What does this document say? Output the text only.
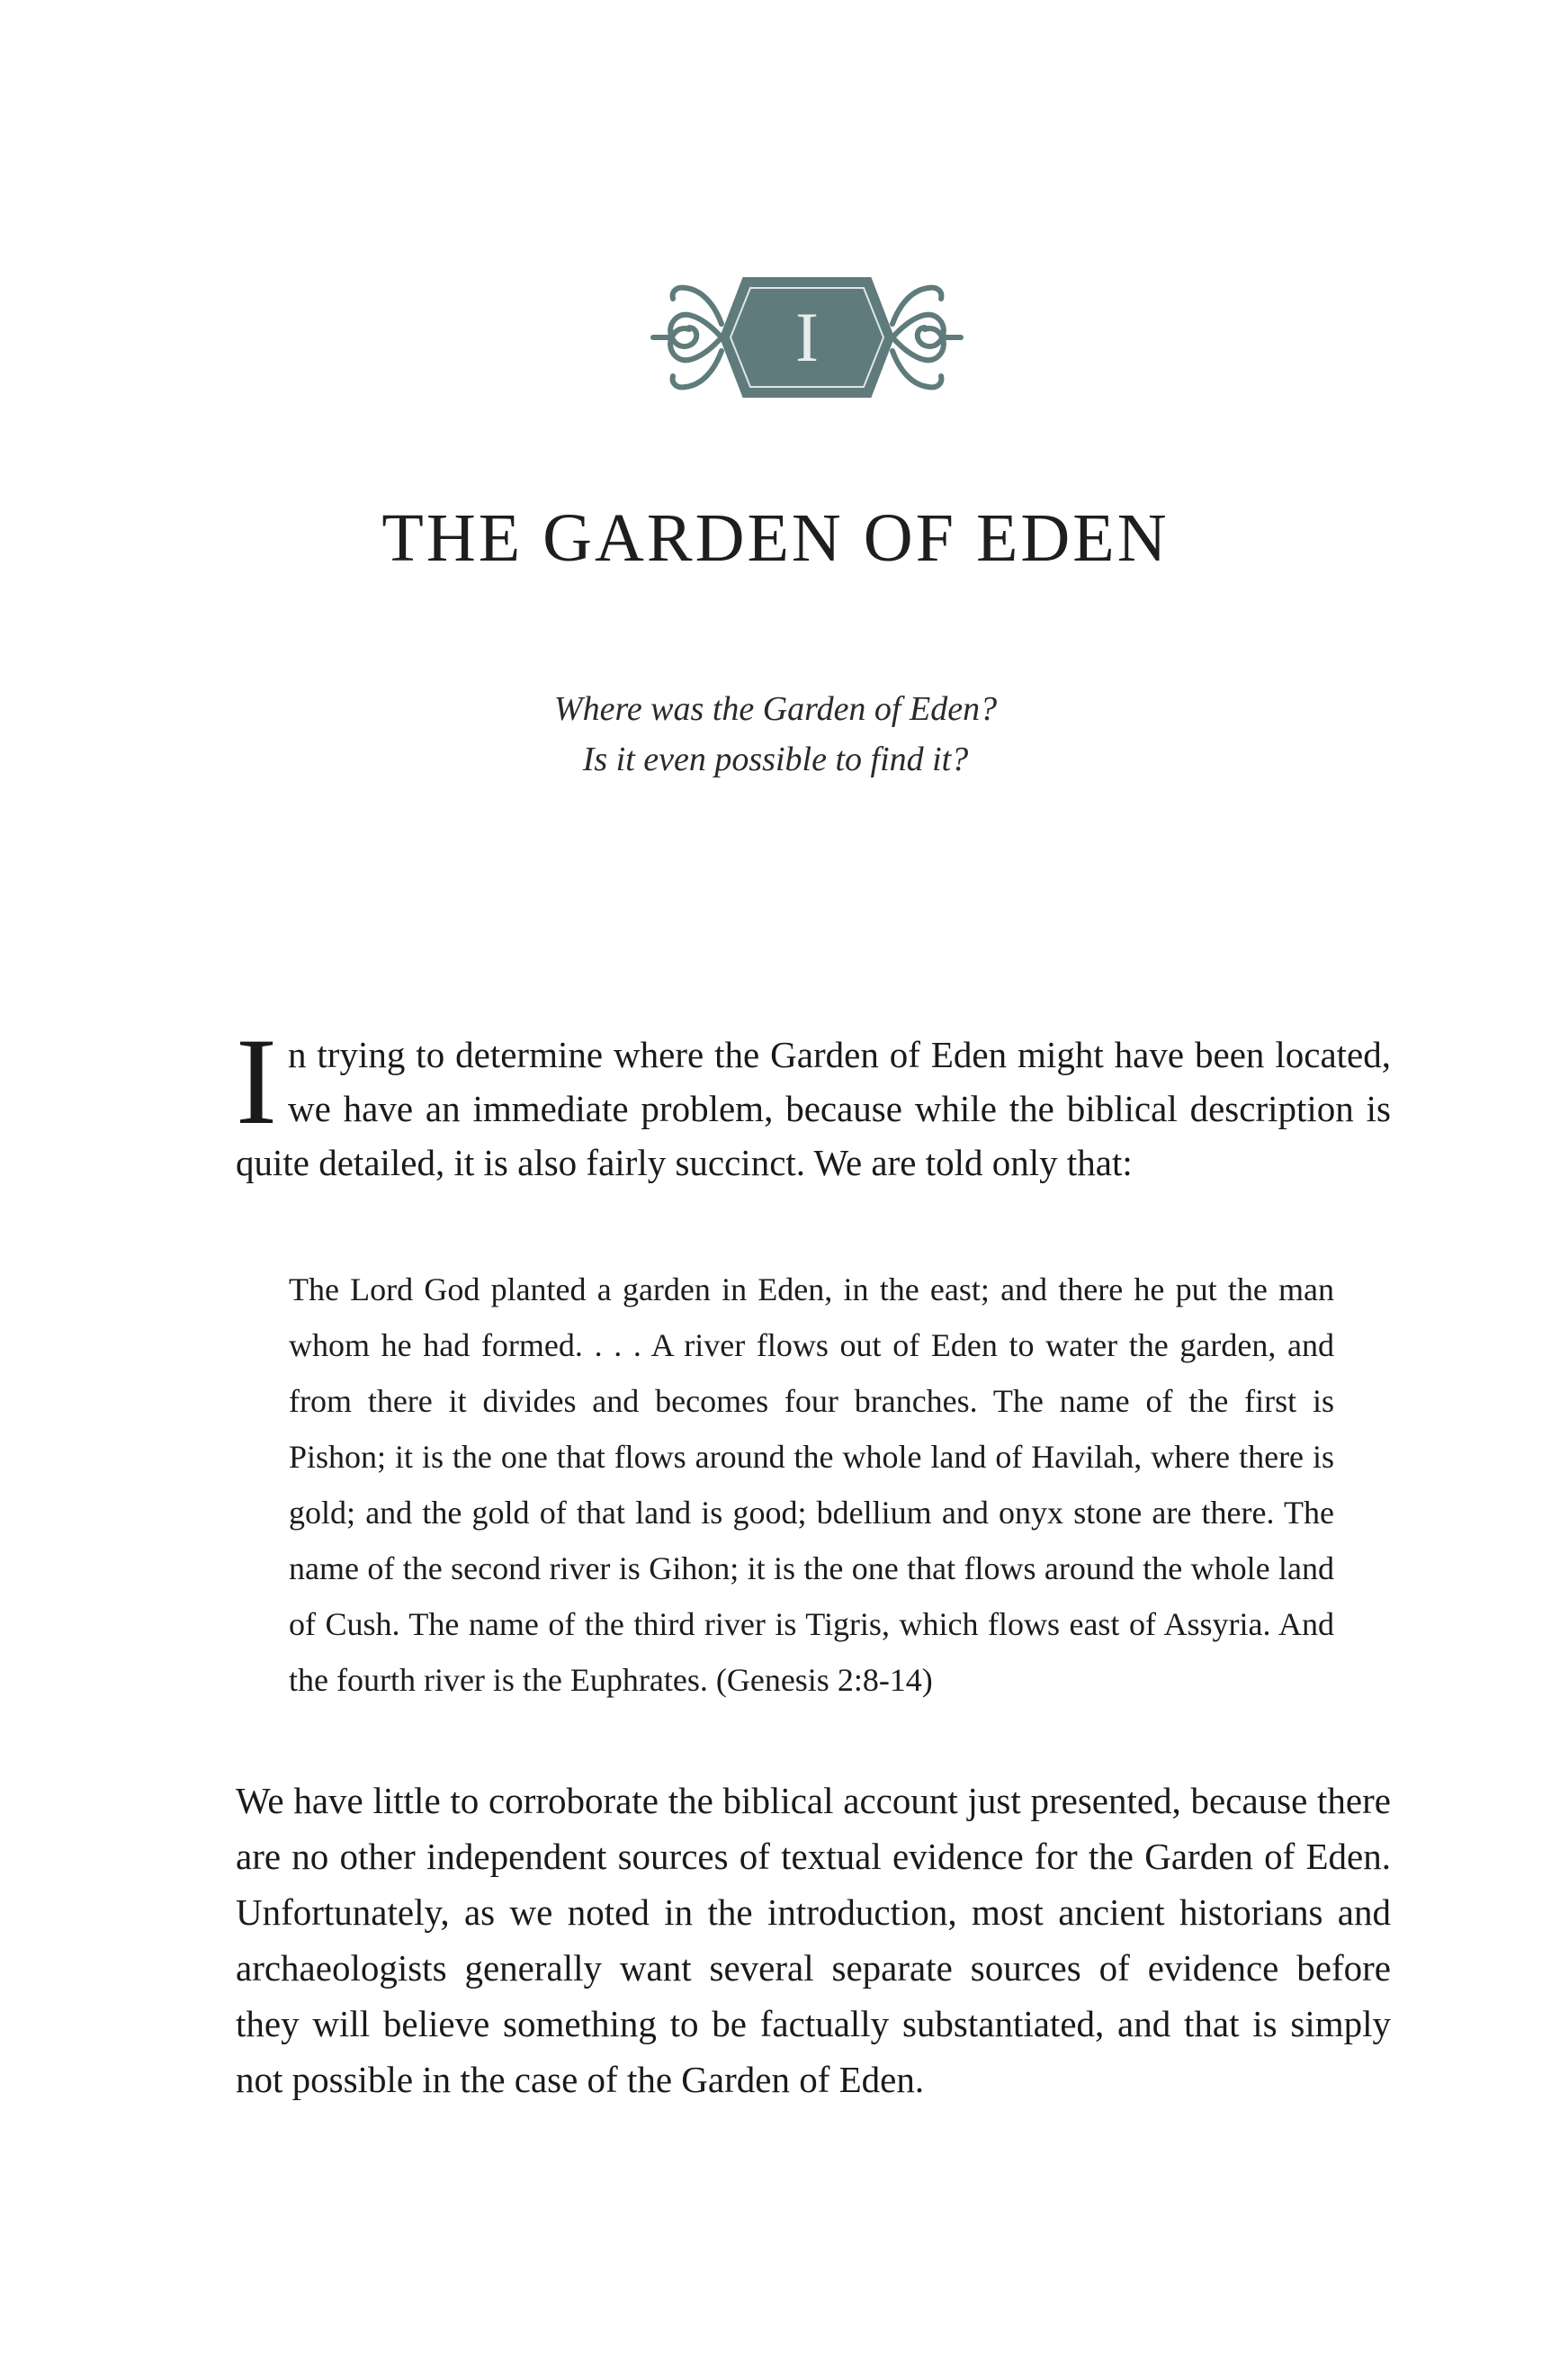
I
THE GARDEN OF EDEN
Where was the Garden of Eden?
Is it even possible to find it?

In trying to determine where the Garden of Eden might have been located, we have an immediate problem, because while the biblical description is quite detailed, it is also fairly succinct. We are told only that:

The Lord God planted a garden in Eden, in the east; and there he put the man whom he had formed. . . . A river flows out of Eden to water the garden, and from there it divides and becomes four branches. The name of the first is Pishon; it is the one that flows around the whole land of Havilah, where there is gold; and the gold of that land is good; bdellium and onyx stone are there. The name of the second river is Gihon; it is the one that flows around the whole land of Cush. The name of the third river is Tigris, which flows east of Assyria. And the fourth river is the Euphrates. (Genesis 2:8-14)

We have little to corroborate the biblical account just presented, because there are no other independent sources of textual evidence for the Garden of Eden. Unfortunately, as we noted in the introduction, most ancient historians and archaeologists generally want several separate sources of evidence before they will believe something to be factually substantiated, and that is simply not possible in the case of the Garden of Eden.
